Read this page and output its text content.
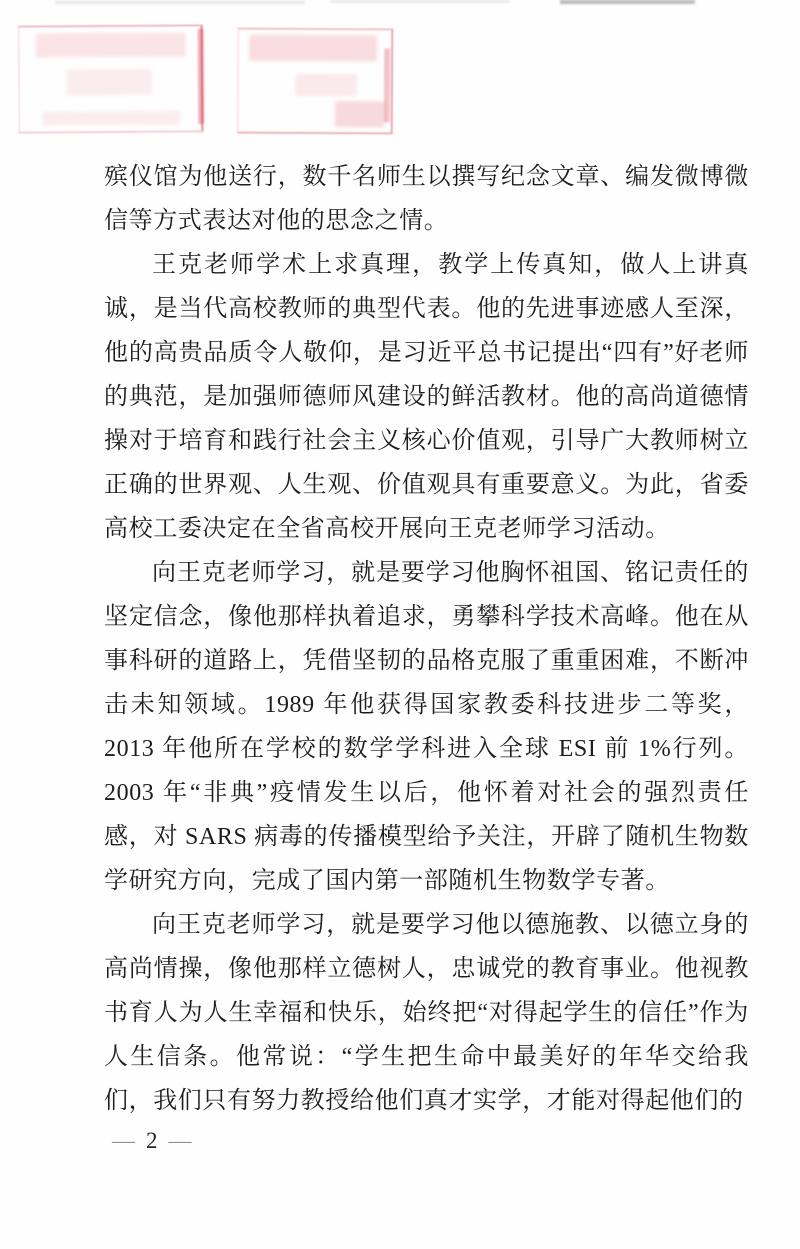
殡仪馆为他送行，数千名师生以撰写纪念文章、编发微博微信等方式表达对他的思念之情。

王克老师学术上求真理，教学上传真知，做人上讲真诚，是当代高校教师的典型代表。他的先进事迹感人至深，他的高贵品质令人敬仰，是习近平总书记提出“四有”好老师的典范，是加强师德师风建设的鲜活教材。他的高尚道德情操对于培育和践行社会主义核心价值观，引导广大教师树立正确的世界观、人生观、价值观具有重要意义。为此，省委高校工委决定在全省高校开展向王克老师学习活动。

向王克老师学习，就是要学习他胸怀祖国、铭记责任的坚定信念，像他那样执着追求，勇攀科学技术高峰。他在从事科研的道路上，凭借坚韧的品格克服了重重困难，不断冲击未知领域。1989 年他获得国家教委科技进步二等奖，2013 年他所在学校的数学学科进入全球 ESI 前 1%行列。2003 年“非典”疫情发生以后，他怀着对社会的强烈责任感，对 SARS 病毒的传播模型给予关注，开辟了随机生物数学研究方向，完成了国内第一部随机生物数学专著。

向王克老师学习，就是要学习他以德施教、以德立身的高尚情操，像他那样立德树人，忠诚党的教育事业。他视教书育人为人生幸福和快乐，始终把“对得起学生的信任”作为人生信条。他常说：“学生把生命中最美好的年华交给我们，我们只有努力教授给他们真才实学，才能对得起他们的

— 2 —
